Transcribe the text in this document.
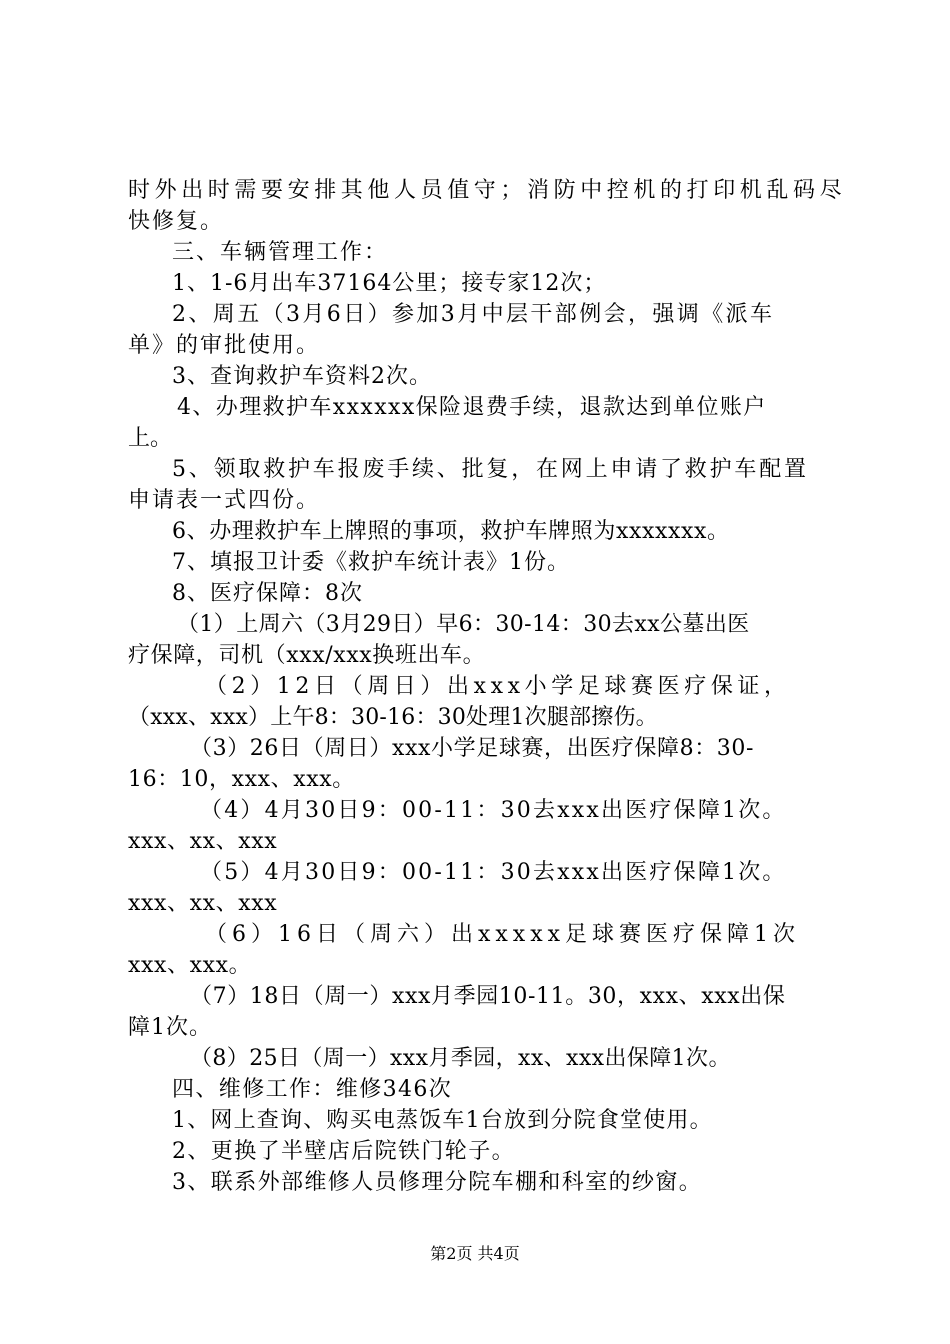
时外出时需要安排其他人员值守；消防中控机的打印机乱码尽
快修复。
三、车辆管理工作：
1、1-6月出车37164公里；接专家12次；
2、周五（3月6日）参加3月中层干部例会，强调《派车
单》的审批使用。
3、查询救护车资料2次。
4、办理救护车xxxxxx保险退费手续，退款达到单位账户
上。
5、领取救护车报废手续、批复，在网上申请了救护车配置
申请表一式四份。
6、办理救护车上牌照的事项，救护车牌照为xxxxxxx。
7、填报卫计委《救护车统计表》1份。
8、医疗保障：8次
（1）上周六（3月29日）早6：30-14：30去xx公墓出医
疗保障，司机（xxx/xxx换班出车。
（2）12日（周日）出xxx小学足球赛医疗保证，
（xxx、xxx）上午8：30-16：30处理1次腿部擦伤。
（3）26日（周日）xxx小学足球赛，出医疗保障8：30-
16：10，xxx、xxx。
（4）4月30日9：00-11：30去xxx出医疗保障1次。
xxx、xx、xxx
（5）4月30日9：00-11：30去xxx出医疗保障1次。
xxx、xx、xxx
（6）16日（周六）出xxxxx足球赛医疗保障1次
xxx、xxx。
（7）18日（周一）xxx月季园10-11。30，xxx、xxx出保
障1次。
（8）25日（周一）xxx月季园，xx、xxx出保障1次。
四、维修工作：维修346次
1、网上查询、购买电蒸饭车1台放到分院食堂使用。
2、更换了半壁店后院铁门轮子。
3、联系外部维修人员修理分院车棚和科室的纱窗。
第2页 共4页
